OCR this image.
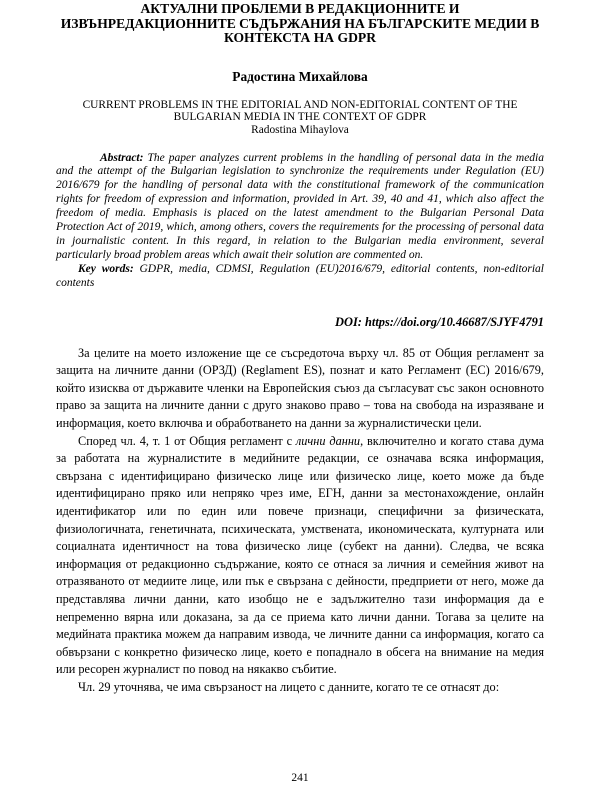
АКТУАЛНИ ПРОБЛЕМИ В РЕДАКЦИОННИТЕ И ИЗВЪНРЕДАКЦИОННИТЕ СЪДЪРЖАНИЯ НА БЪЛГАРСКИТЕ МЕДИИ В КОНТЕКСТА НА GDPR
Радостина Михайлова
CURRENT PROBLEMS IN THE EDITORIAL AND NON-EDITORIAL CONTENT OF THE BULGARIAN MEDIA IN THE CONTEXT OF GDPR
Radostina Mihaylova
Abstract: The paper analyzes current problems in the handling of personal data in the media and the attempt of the Bulgarian legislation to synchronize the requirements under Regulation (EU) 2016/679 for the handling of personal data with the constitutional framework of the communication rights for freedom of expression and information, provided in Art. 39, 40 and 41, which also affect the freedom of media. Emphasis is placed on the latest amendment to the Bulgarian Personal Data Protection Act of 2019, which, among others, covers the requirements for the processing of personal data in journalistic content. In this regard, in relation to the Bulgarian media environment, several particularly broad problem areas which await their solution are commented on.
Key words: GDPR, media, CDMSI, Regulation (EU)2016/679, editorial contents, non-editorial contents
DOI: https://doi.org/10.46687/SJYF4791

За целите на моето изложение ще се съсредоточа върху чл. 85 от Общия регламент за защита на личните данни (ОРЗД) (Reglament ES), познат и като Регламент (ЕС) 2016/679, който изисква от държавите членки на Европейския съюз да съгласуват със закон основното право за защита на личните данни с друго знаково право – това на свобода на изразяване и информация, което включва и обработването на данни за журналистически цели.

Според чл. 4, т. 1 от Общия регламент с лични данни, включително и когато става дума за работата на журналистите в медийните редакции, се означава всяка информация, свързана с идентифицирано физическо лице или физическо лице, което може да бъде идентифицирано пряко или непряко чрез име, ЕГН, данни за местонахождение, онлайн идентификатор или по един или повече признаци, специфични за физическата, физиологичната, генетичната, психическата, умствената, икономическата, културната или социалната идентичност на това физическо лице (субект на данни). Следва, че всяка информация от редакционно съдържание, която се отнася за личния и семейния живот на отразяваното от медиите лице, или пък е свързана с дейности, предприети от него, може да представлява лични данни, като изобщо не е задължително тази информация да е непременно вярна или доказана, за да се приема като лични данни. Тогава за целите на медийната практика можем да направим извода, че личните данни са информация, когато са обвързани с конкретно физическо лице, което е попаднало в обсега на внимание на медия или ресорен журналист по повод на някакво събитие.

Чл. 29 уточнява, че има свързаност на лицето с данните, когато те се отнасят до:

241
